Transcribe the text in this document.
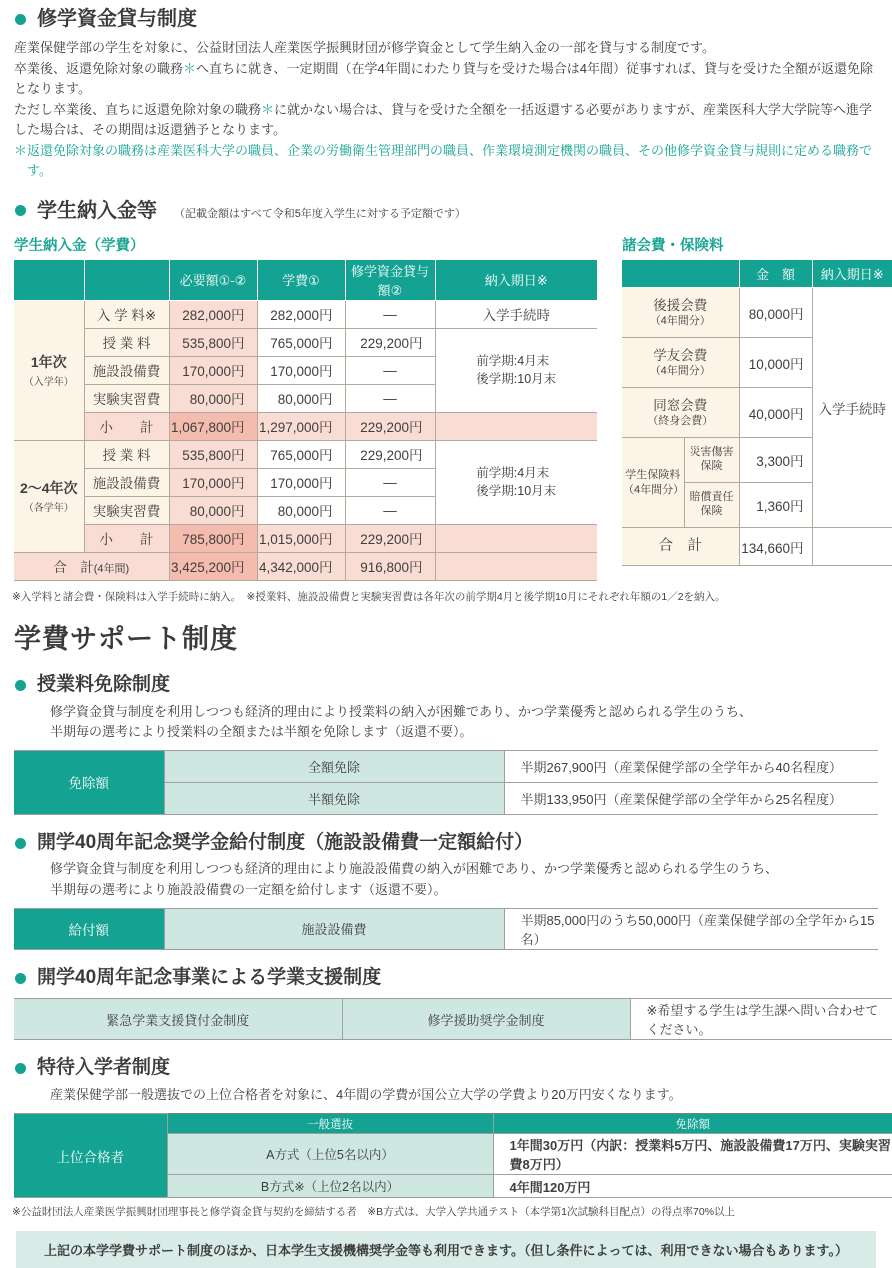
修学資金貸与制度

産業保健学部の学生を対象に、公益財団法人産業医学振興財団が修学資金として学生納入金の一部を貸与する制度です。

卒業後、返還免除対象の職務＊へ直ちに就き、一定期間（在学4年間にわたり貸与を受けた場合は4年間）従事すれば、貸与を受けた全額が返還免除となります。

ただし卒業後、直ちに返還免除対象の職務＊に就かない場合は、貸与を受けた全額を一括返還する必要がありますが、産業医科大学大学院等へ進学した場合は、その期間は返還猶予となります。

＊返還免除対象の職務は産業医科大学の職員、企業の労働衛生管理部門の職員、作業環境測定機関の職員、その他修学資金貸与規則に定める職務です。

学生納入金等 （記載金額はすべて令和5年度入学生に対する予定額です）
学生納入金（学費）
		必要額①-②	学費①	修学資金貸与額②	納入期日※

1年次
（入学年）	入 学 料※	282,000円	282,000円	—	入学手続時
	授 業 料	535,800円	765,000円	229,200円	前学期:4月末
後学期:10月末

	施設設備費	170,000円	170,000円	—	
	実験実習費	80,000円	80,000円	—	
	小　　計	1,067,800円	1,297,000円	229,200円	

2～4年次
（各学年）
	授 業 料	535,800円	765,000円	229,200円	
前学期:4月末
後学期:10月末

	施設設備費	170,000円	170,000円	—	
	実験実習費	80,000円	80,000円	—	
	小　　計	785,800円	1,015,000円	229,200円	
合　計(4年間)		3,425,200円	4,342,000円	916,800円	
諸会費・保険料
		金　額	納入期日※

後援会費
（4年間分）		80,000円	入学手続時

学友会費
（4年間分）		10,000円	

同窓会費
（終身会費）		40,000円	

学生保険料
（4年間分）	災害傷害保険	3,300円	
	賠償責任保険	1,360円	
合　計		134,660円	
※入学料と諸会費・保険料は入学手続時に納入。　※授業料、施設設備費と実験実習費は各年次の前学期4月と後学期10月にそれぞれ年額の1／2を納入。
学費サポート制度
授業料免除制度

修学資金貸与制度を利用しつつも経済的理由により授業料の納入が困難であり、かつ学業優秀と認められる学生のうち、

半期毎の選考により授業料の全額または半額を免除します（返還不要）。

免除額	全額免除	半期267,900円（産業保健学部の全学年から40名程度）
	半額免除	半期133,950円（産業保健学部の全学年から25名程度）
開学40周年記念奨学金給付制度（施設設備費一定額給付）

修学資金貸与制度を利用しつつも経済的理由により施設設備費の納入が困難であり、かつ学業優秀と認められる学生のうち、

半期毎の選考により施設設備費の一定額を給付します（返還不要）。

給付額	施設設備費	半期85,000円のうち50,000円（産業保健学部の全学年から15名）
開学40周年記念事業による学業支援制度
緊急学業支援貸付金制度	修学援助奨学金制度	※希望する学生は学生課へ問い合わせてください。
特待入学者制度

産業保健学部一般選抜での上位合格者を対象に、4年間の学費が国公立大学の学費より20万円安くなります。

上位合格者	一般選抜	免除額
	A方式（上位5名以内）	1年間30万円（内訳：授業料5万円、施設設備費17万円、実験実習費8万円）
	B方式※（上位2名以内）	4年間120万円
※公益財団法人産業医学振興財団理事長と修学資金貸与契約を締結する者　※B方式は、大学入学共通テスト（本学第1次試験科目配点）の得点率70%以上
上記の本学学費サポート制度のほか、日本学生支援機構奨学金等も利用できます。（但し条件によっては、利用できない場合もあります。）
